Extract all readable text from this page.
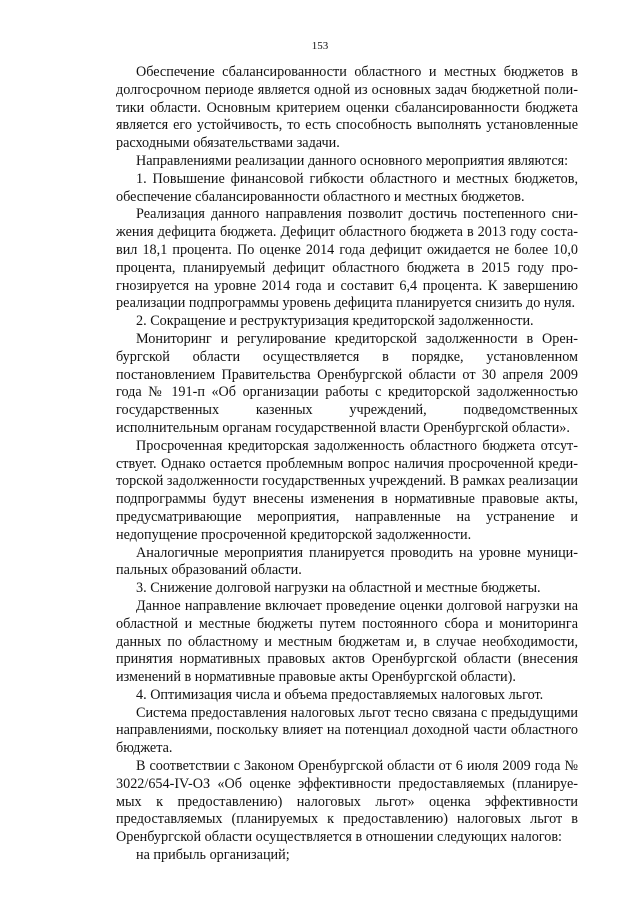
153

Обеспечение сбалансированности областного и местных бюджетов в долгосрочном периоде является одной из основных задач бюджетной политики области. Основным критерием оценки сбалансированности бюджета является его устойчивость, то есть способность выполнять установленные расходными обязательствами задачи.

Направлениями реализации данного основного мероприятия являются:

1. Повышение финансовой гибкости областного и местных бюджетов, обеспечение сбалансированности областного и местных бюджетов.

Реализация данного направления позволит достичь постепенного снижения дефицита бюджета. Дефицит областного бюджета в 2013 году составил 18,1 процента. По оценке 2014 года дефицит ожидается не более 10,0 процента, планируемый дефицит областного бюджета в 2015 году прогнозируется на уровне 2014 года и составит 6,4 процента. К завершению реализации подпрограммы уровень дефицита планируется снизить до нуля.

2. Сокращение и реструктуризация кредиторской задолженности.

Мониторинг и регулирование кредиторской задолженности в Оренбургской области осуществляется в порядке, установленном постановлением Правительства Оренбургской области от 30 апреля 2009 года № 191-п «Об организации работы с кредиторской задолженностью государственных казенных учреждений, подведомственных исполнительным органам государственной власти Оренбургской области».

Просроченная кредиторская задолженность областного бюджета отсутствует. Однако остается проблемным вопрос наличия просроченной кредиторской задолженности государственных учреждений. В рамках реализации подпрограммы будут внесены изменения в нормативные правовые акты, предусматривающие мероприятия, направленные на устранение и недопущение просроченной кредиторской задолженности.

Аналогичные мероприятия планируется проводить на уровне муниципальных образований области.

3. Снижение долговой нагрузки на областной и местные бюджеты.

Данное направление включает проведение оценки долговой нагрузки на областной и местные бюджеты путем постоянного сбора и мониторинга данных по областному и местным бюджетам и, в случае необходимости, принятия нормативных правовых актов Оренбургской области (внесения изменений в нормативные правовые акты Оренбургской области).

4. Оптимизация числа и объема предоставляемых налоговых льгот.

Система предоставления налоговых льгот тесно связана с предыдущими направлениями, поскольку влияет на потенциал доходной части областного бюджета.

В соответствии с Законом Оренбургской области от 6 июля 2009 года № 3022/654-IV-ОЗ «Об оценке эффективности предоставляемых (планируемых к предоставлению) налоговых льгот» оценка эффективности предоставляемых (планируемых к предоставлению) налоговых льгот в Оренбургской области осуществляется в отношении следующих налогов:

на прибыль организаций;
